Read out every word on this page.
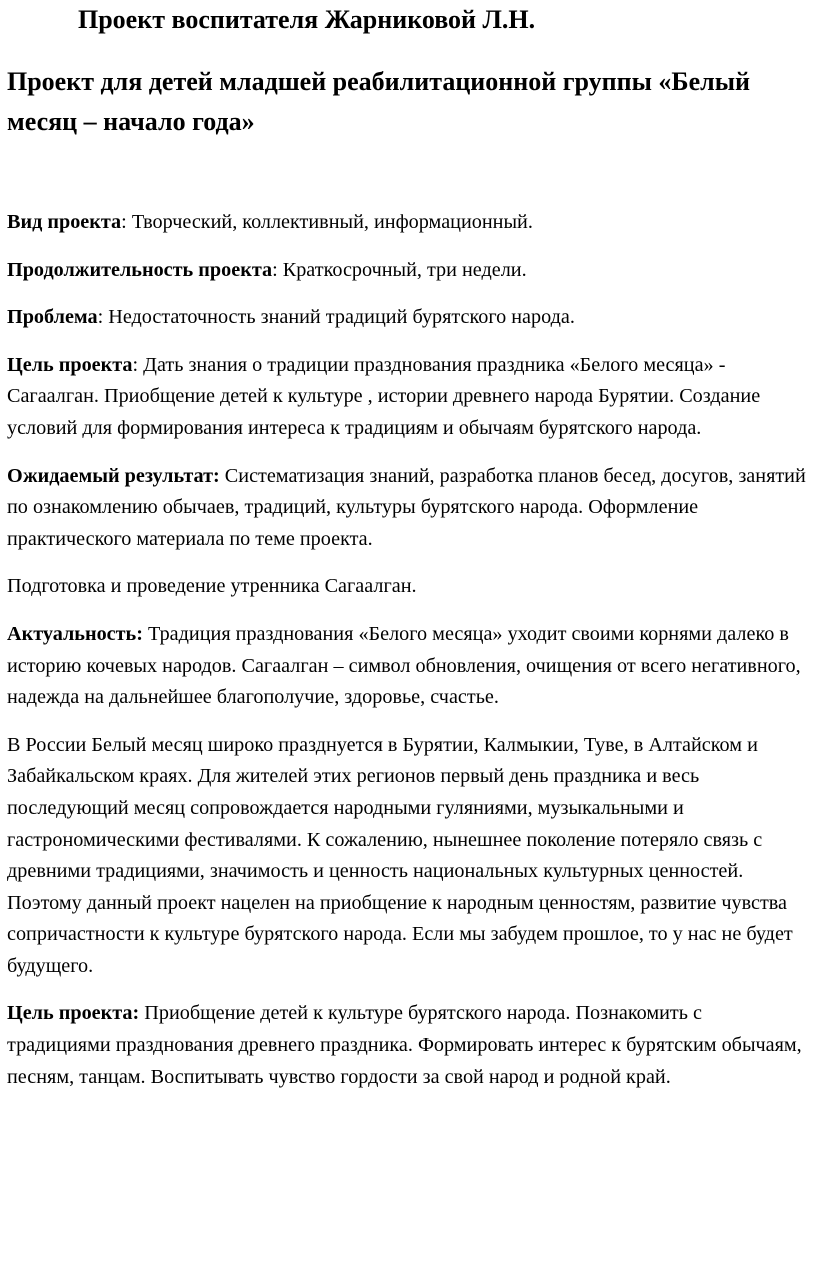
Проект воспитателя Жарниковой Л.Н.
Проект для детей младшей реабилитационной группы «Белый месяц – начало года»

Вид проекта: Творческий, коллективный, информационный.

Продолжительность проекта: Краткосрочный, три недели.

Проблема: Недостаточность знаний традиций бурятского народа.

Цель проекта: Дать знания о традиции празднования праздника «Белого месяца» - Сагаалган. Приобщение детей к культуре , истории древнего народа Бурятии. Создание условий для формирования интереса к традициям и обычаям бурятского народа.

Ожидаемый результат: Систематизация знаний, разработка планов бесед, досугов, занятий по ознакомлению обычаев, традиций, культуры бурятского народа. Оформление практического материала по теме проекта.

Подготовка и проведение утренника Сагаалган.

Актуальность: Традиция празднования «Белого месяца» уходит своими корнями далеко в историю кочевых народов. Сагаалган – символ обновления, очищения от всего негативного, надежда на дальнейшее благополучие, здоровье, счастье.

В России Белый месяц широко празднуется в Бурятии, Калмыкии, Туве, в Алтайском и Забайкальском краях. Для жителей этих регионов первый день праздника и весь последующий месяц сопровождается народными гуляниями, музыкальными и гастрономическими фестивалями. К сожалению, нынешнее поколение потеряло связь с древними традициями, значимость и ценность национальных культурных ценностей. Поэтому данный проект нацелен на приобщение к народным ценностям, развитие чувства сопричастности к культуре бурятского народа. Если мы забудем прошлое, то у нас не будет будущего.

Цель проекта: Приобщение детей к культуре бурятского народа. Познакомить с традициями празднования древнего праздника. Формировать интерес к бурятским обычаям, песням, танцам. Воспитывать чувство гордости за свой народ и родной край.
